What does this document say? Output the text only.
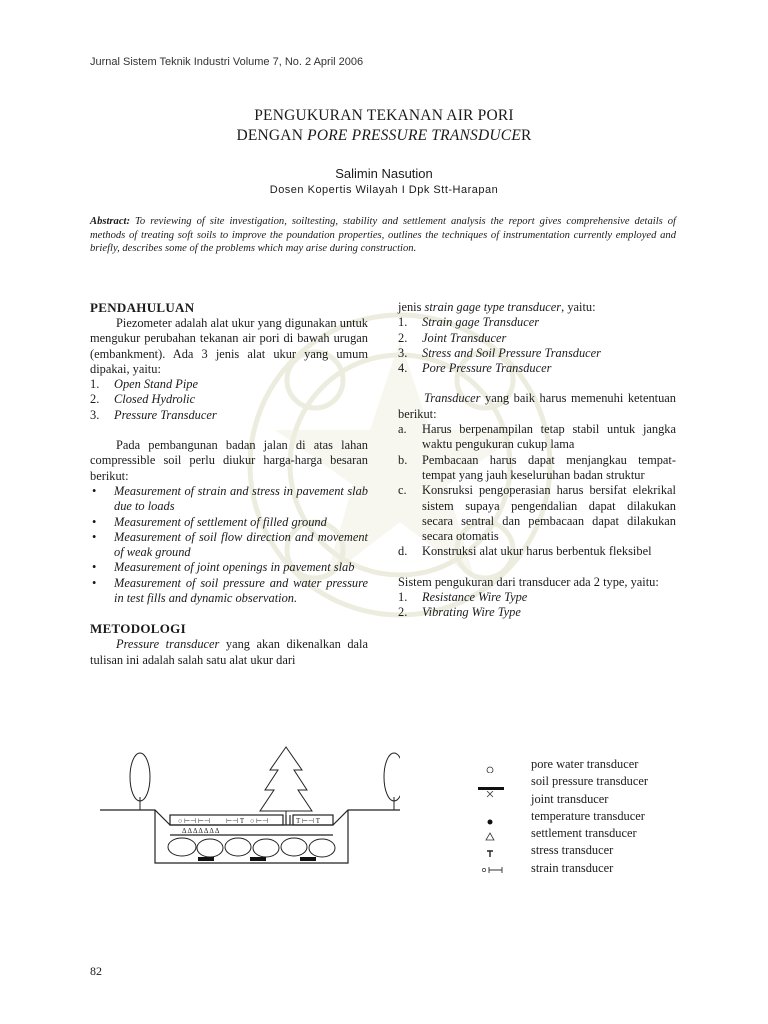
Jurnal Sistem Teknik Industri Volume 7, No. 2 April 2006
PENGUKURAN TEKANAN AIR PORI
DENGAN PORE PRESSURE TRANSDUCER
Salimin Nasution
Dosen Kopertis Wilayah I Dpk Stt-Harapan
Abstract: To reviewing of site investigation, soiltesting, stability and settlement analysis the report gives comprehensive details of methods of treating soft soils to improve the poundation properties, outlines the techniques of instrumentation currently employed and briefly, describes some of the problems which may arise during construction.
PENDAHULUAN

Piezometer adalah alat ukur yang digunakan untuk mengukur perubahan tekanan air pori di bawah urugan (embankment). Ada 3 jenis alat ukur yang umum dipakai, yaitu:

1. Open Stand Pipe
2. Closed Hydrolic
3. Pressure Transducer

Pada pembangunan badan jalan di atas lahan compressible soil perlu diukur harga-harga besaran berikut:

• Measurement of strain and stress in pavement slab due to loads
• Measurement of settlement of filled ground
• Measurement of soil flow direction and movement of weak ground
• Measurement of joint openings in pavement slab
• Measurement of soil pressure and water pressure in test fills and dynamic observation.
METODOLOGI

Pressure transducer yang akan dikenalkan dala tulisan ini adalah salah satu alat ukur dari

jenis strain gage type transducer, yaitu:

1. Strain gage Transducer
2. Joint Transducer
3. Stress and Soil Pressure Transducer
4. Pore Pressure Transducer

Transducer yang baik harus memenuhi ketentuan berikut:

a. Harus berpenampilan tetap stabil untuk jangka waktu pengukuran cukup lama
b. Pembacaan harus dapat menjangkau tempat-tempat yang jauh keseluruhan badan struktur
c. Konsruksi pengoperasian harus bersifat elekrikal sistem supaya pengendalian dapat dilakukan secara sentral dan pembacaan dapat dilakukan secara otomatis
d. Konstruksi alat ukur harus berbentuk fleksibel

Sistem pengukuran dari transducer ada 2 type, yaitu:

1. Resistance Wire Type
2. Vibrating Wire Type
○ ⊢⊣ ⊢⊣ ⊢⊣ T ○ ⊢⊣	T ⊢⊣ T
Δ Δ Δ Δ Δ Δ Δ
pore water transducer
soil pressure transducer
joint transducer
temperature transducer
settlement transducer
stress transducer
strain transducer
82
